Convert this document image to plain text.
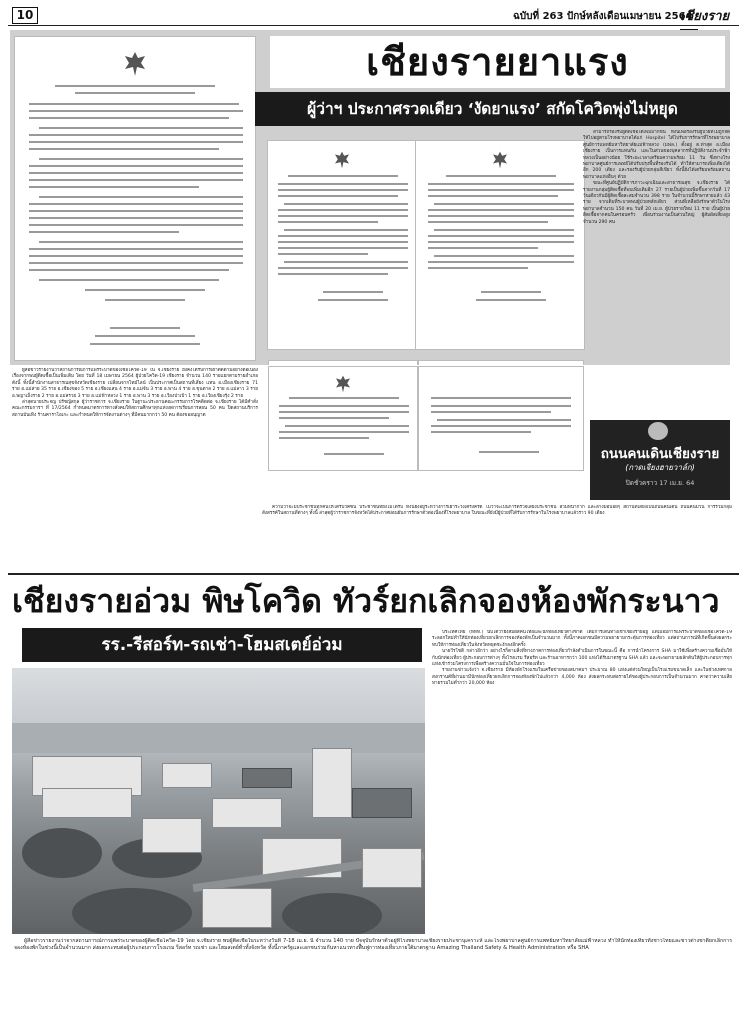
10	ฉบับที่ 263 ปักษ์หลังเดือนเมษายน 2564
เชียงราย
เชียงรายยาแรง
ผู้ว่าฯ ประกาศรวดเดียว ‘งัดยาแรง’ สกัดโควิดพุ่งไม่หยุด

สามารถรองรับผู้ติดเชื้อได้เพิ่มมากขึ้น ทั้งนี้เพื่อรองรับผู้ป่วยที่ไม่ถูกจัดให้ไปอยู่ตามโรงพยาบาลได้แก่ Hospitel ได้ไปรับการรักษาที่โรงพยาบาลศูนย์การแพทย์มหาวิทยาลัยแม่ฟ้าหลวง (มฟล.) ตั้งอยู่ ต.ท่าสุด อ.เมืองเชียงราย เป็นการแทนกัน และในส่วนของบุคลากรที่ปฏิบัติงานประจำฟ้าหลวงเป็นอย่างน้อย ใช้ระยะเวลาเตรียมความพร้อม 11 วัน ซึ่งทางโรงพยาบาลศูนย์การแพทย์ได้ปรับปรุงพื้นที่รองรับได้ ทำให้สามารถเพิ่มเตียงได้อีก 200 เตียง และรองรับผู้ป่วยกลุ่มสีเขียว ทั้งนี้ยังได้เตรียมพร้อมสถานพยาบาลแห่งอื่นๆ ด้วย

ขณะที่ศูนย์ปฏิบัติการภาวะฉุกเฉินและสาธารณสุข จ.เชียงราย ได้รายงานกลุ่มผู้ติดเชื้อที่พบเพิ่มเติมอีก 27 รายเป็นผู้ป่วยเพิ่มขึ้นจากวันที่ 17 วันเดียวกันมีผู้ติดเชื้อสะสมจำนวน 398 ราย ในจำนวนนี้รักษาหายแล้ว 43 ราย จากเดิมที่ระบาดพบผู้ป่วยหลักเดียว ส่วนที่เหลือยังรักษาตัวในโรงพยาบาลจำนวน 150 คน วันที่ 20 เม.ย. ผู้ป่วยรายใหม่ 11 ราย เป็นผู้ป่วยติดเชื้อจากคนในครอบครัว เพื่อนร่วมงานเป็นส่วนใหญ่ ผู้สัมผัสเสี่ยงสูงจำนวน 290 คน

ผู้สื่อข่าวรายงานว่าสถานการณ์การแพร่ระบาดของเชื้อโควิด-19 ใน จ.เชียงราย ยังคงได้รับการเฝ้าติดตามอย่างต่อเนื่องเรื่องจากพบผู้ติดเชื้อเป็นเพิ่มเติม โดย วันที่ 18 เมษายน 2564 ผู้ป่วยโควิด-19 เชียงราย จำนวน 140 รายแยกตามรายอำเภอ ดังนี้ ทั้งนี้สำนักงานสาธารณสุขจังหวัดเชียงราย เปลี่ยนจากไทม์ไลน์ เป็นประกาศเป็นสถานที่เสี่ยง แทน อ.เมืองเชียงราย 71 ราย อ.แม่สาย 35 ราย อ.เชียงของ 5 ราย อ.เชียงแสน 4 ราย อ.แม่จัน 3 ราย อ.พาน 4 ราย อ.ขุนตาล 2 ราย อ.แม่ลาว 3 ราย อ.พญาเม็งราย 2 ราย อ.แม่สรวย 3 ราย อ.แม่ฟ้าหลวง 1 ราย อ.พาน 3 ราย อ.เวียงป่าเป้า 1 ราย อ.เวียงเชียงรุ้ง 2 ราย

ล่าสุดนายประจญ ปรัชญ์สกุล ผู้ว่าราชการ จ.เชียงราย ในฐานะประธานคณะกรรมการโรคติดต่อ จ.เชียงราย ได้มีคำสั่งคณะกรรมการฯ ที่ 17/2564 กำหนดมาตรการทางสังคมให้สถานศึกษาทุกแห่งงดการเรียนการสอน 50 คน ปิดสถานบริการ สถานบันเทิง ร้านคาราโอเกะ และกำหนดให้การจัดงานต่างๆ ที่มีคนมากกว่า 50 คน ต้องขออนุญาต

ถนนคนเดินเชียงราย
(กาดเจียงฮายวาล์ก)
ปิดชั่วคราว 17 เม.ย. 64

ความว่าจะมีประชาชนทุกคนให้ได้รับวัคซีน ประชาชนที่ยังไม่ได้รับ ทั้งนี้ยังอยู่ระหว่างการเฝ้าระวังเคร่งครัด ไม่ว่าจะเป็นการตรวจเสี่ยงประชาชน สวมหน้ากาก และล้างมือบ่อยๆ สถานที่เสี่ยงเป็นถนนคนเดิน ถนนคนม่วน การรวมกลุ่มสังสรรค์ในสถานที่ต่างๆ ทั้งนี้ ล่าสุดผู้ว่าราชการจังหวัดได้ประกาศผ่อนผันการรักษาตัวต่อเนื่องที่โรงพยาบาล ในขณะที่ยังมีผู้ป่วยที่ได้รับการรักษาในโรงพยาบาลแล้วราว 90 เตียง

เชียงรายอ่วม พิษโควิด ทัวร์ยกเลิกจองห้องพักระนาว
รร.-รีสอร์ท-รถเช่า-โฮมสเตย์อ่วม

ประเทศไทย (ททท.) นับได้ว่ายังสัมผัสคนไทยและนักท่องเที่ยวต่างชาติ ได้มีการเดินทางเข้าเชียงรายอยู่ แต่เมื่อมีการแพร่ระบาดของเชื้อโควิด-19 ระลอกใหม่ทำให้นักท่องเที่ยวยกเลิกการจองห้องพักเป็นจำนวนมาก ทั้งนี้ภาคเอกชนมีความพยายามกระตุ้นการท่องเที่ยว แต่สถานการณ์ที่เกิดขึ้นส่งผลกระทบให้การท่องเที่ยวในจังหวัดหยุดชะงักลงอีกครั้ง

นายวีรโชติ กล่าวอีกว่า อย่างไรก็ตามสิ่งที่ทางภาคการท่องเที่ยวกำลังดำเนินการในขณะนี้ คือ การนำโครงการ SHA มาใช้เพื่อสร้างความเชื่อมั่นให้กับนักท่องเที่ยว ผู้ประกอบการต่างๆ ทั้งโรงแรม รีสอร์ท และร้านอาหารกว่า 100 แห่งได้รับมาตรฐาน SHA แล้ว และจะพยายามผลักดันให้ผู้ประกอบการทุกแห่งเข้าร่วมโครงการเพื่อสร้างความมั่นใจในการท่องเที่ยว

รายงานข่าวแจ้งว่า จ.เชียงราย มีห้องพักโรงแรมในเครือข่ายของสมาคมฯ ประมาณ 80 แห่งแต่ส่วนใหญ่เป็นโรงแรมขนาดเล็ก และในช่วงเทศกาลสงกรานต์ที่ผ่านมามีนักท่องเที่ยวยกเลิกการจองห้องพักไปแล้วกว่า 4,000 ห้อง ส่งผลกระทบต่อรายได้ของผู้ประกอบการเป็นจำนวนมาก คาดว่าความเสียหายรวมไม่ต่ำกว่า 20,000 ห้อง

ผู้สื่อข่าวรายงานว่าจากสถานการณ์การแพร่ระบาดของผู้ติดเชื้อโควิด-19 โดย จ.เชียงราย พบผู้ติดเชื้อในระหว่างวันที่ 7-18 เม.ย. นี้ จำนวน 140 ราย ปัจจุบันรักษาตัวอยู่ที่โรงพยาบาลเชียงรายประชานุเคราะห์ และโรงพยาบาลศูนย์การแพทย์มหาวิทยาลัยแม่ฟ้าหลวง ทำให้นักท่องเที่ยวทั้งชาวไทยและชาวต่างชาติยกเลิกการจองห้องพักในช่วงนี้เป็นจำนวนมาก ส่งผลกระทบต่อผู้ประกอบการโรงแรม รีสอร์ท รถเช่า และโฮมสเตย์ทั่วทั้งจังหวัด ทั้งนี้ภาครัฐและเอกชนร่วมกันหาแนวทางฟื้นฟูการท่องเที่ยวภายใต้มาตรฐาน Amazing Thailand Safety & Health Administration หรือ SHA
